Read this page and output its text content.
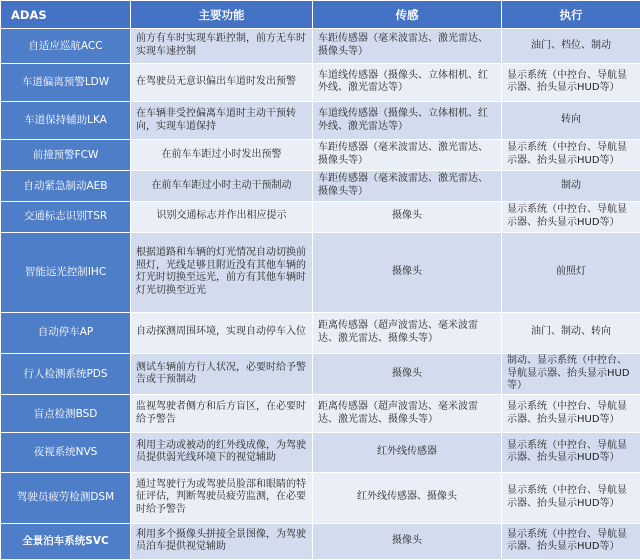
ADAS	主要功能	传感	执行
自适应巡航ACC	前方有车时实现车距控制，前方无车时实现车速控制	车距传感器（毫米波雷达、激光雷达、摄像头等）	油门、档位、制动
车道偏离预警LDW	在驾驶员无意识偏出车道时发出预警	车道线传感器（摄像头、立体相机、红外线、激光雷达等）	显示系统（中控台、导航显示器、抬头显示HUD等）
车道保持辅助LKA	在车辆非受控偏离车道时主动干预转向，实现车道保持	车道线传感器（摄像头、立体相机、红外线、激光雷达等）	转向
前撞预警FCW	在前车车距过小时发出预警	车距传感器（毫米波雷达、激光雷达、摄像头等）	显示系统（中控台、导航显示器、抬头显示HUD等）
自动紧急制动AEB	在前车车距过小时主动干预制动	车距传感器（毫米波雷达、激光雷达、摄像头等）	制动
交通标志识别TSR	识别交通标志并作出相应提示	摄像头	显示系统（中控台、导航显示器、抬头显示HUD等）
智能远光控制IHC	根据道路和车辆的灯光情况自动切换前照灯，光线足够且附近没有其他车辆的灯光时切换至远光，前方有其他车辆时灯光切换至近光	摄像头	前照灯
自动停车AP	自动探测周围环境，实现自动停车入位	距离传感器（超声波雷达、毫米波雷达、激光雷达、摄像头等）	油门、制动、转向
行人检测系统PDS	测试车辆前方行人状况，必要时给予警告或干预制动	摄像头	制动、显示系统（中控台、导航显示器、抬头显示HUD等）
盲点检测BSD	监视驾驶者侧方和后方盲区，在必要时给予警告	距离传感器（超声波雷达、毫米波雷达、激光雷达、摄像头等）	显示系统（中控台、导航显示器、抬头显示HUD等）
夜视系统NVS	利用主动或被动的红外线成像，为驾驶员提供弱光线环境下的视觉辅助	红外线传感器	显示系统（中控台、导航显示器、抬头显示HUD等）
驾驶员疲劳检测DSM	通过驾驶行为或驾驶员脸部和眼睛的特征评估，判断驾驶员疲劳监测，在必要时给予警告	红外线传感器、摄像头	显示系统（中控台、导航显示器、抬头显示HUD等）
全景泊车系统SVC	利用多个摄像头拼接全景图像，为驾驶员泊车提供视觉辅助	摄像头	显示系统（中控台、导航显示器、抬头显示HUD等）
